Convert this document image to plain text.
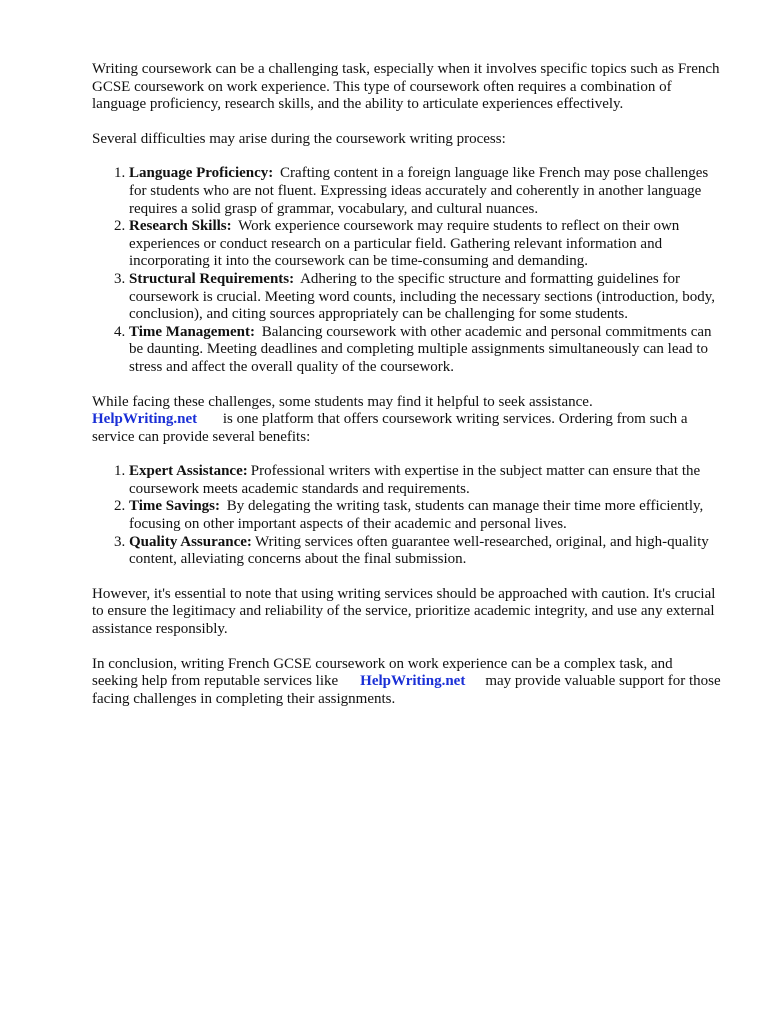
Writing coursework can be a challenging task, especially when it involves specific topics such as French GCSE coursework on work experience. This type of coursework often requires a combination of language proficiency, research skills, and the ability to articulate experiences effectively.

Several difficulties may arise during the coursework writing process:

1. Language Proficiency: Crafting content in a foreign language like French may pose challenges for students who are not fluent. Expressing ideas accurately and coherently in another language requires a solid grasp of grammar, vocabulary, and cultural nuances.
2. Research Skills: Work experience coursework may require students to reflect on their own experiences or conduct research on a particular field. Gathering relevant information and incorporating it into the coursework can be time-consuming and demanding.
3. Structural Requirements: Adhering to the specific structure and formatting guidelines for coursework is crucial. Meeting word counts, including the necessary sections (introduction, body, conclusion), and citing sources appropriately can be challenging for some students.
4. Time Management: Balancing coursework with other academic and personal commitments can be daunting. Meeting deadlines and completing multiple assignments simultaneously can lead to stress and affect the overall quality of the coursework.

While facing these challenges, some students may find it helpful to seek assistance.
HelpWriting.net is one platform that offers coursework writing services. Ordering from such a service can provide several benefits:

1. Expert Assistance: Professional writers with expertise in the subject matter can ensure that the coursework meets academic standards and requirements.
2. Time Savings: By delegating the writing task, students can manage their time more efficiently, focusing on other important aspects of their academic and personal lives.
3. Quality Assurance: Writing services often guarantee well-researched, original, and high-quality content, alleviating concerns about the final submission.

However, it's essential to note that using writing services should be approached with caution. It's crucial to ensure the legitimacy and reliability of the service, prioritize academic integrity, and use any external assistance responsibly.

In conclusion, writing French GCSE coursework on work experience can be a complex task, and seeking help from reputable services like HelpWriting.net may provide valuable support for those facing challenges in completing their assignments.
